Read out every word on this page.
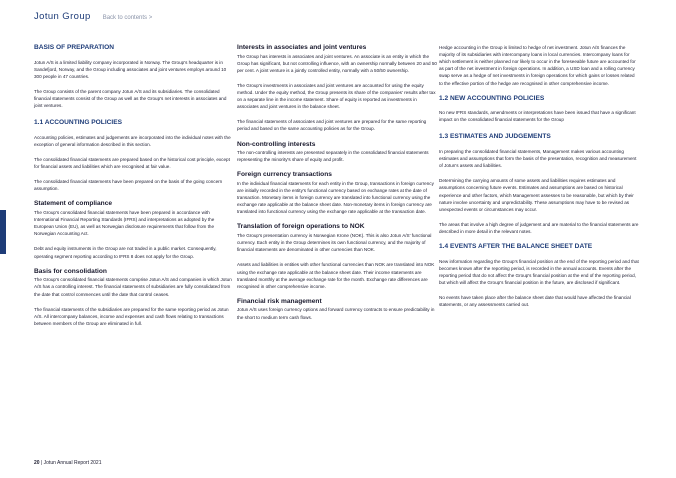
Jotun Group Back to contents >
BASIS OF PREPARATION

Jotun A/S is a limited liability company incorporated in Norway. The Group's headquarter is in Sandefjord, Norway, and the Group including associates and joint ventures employs around 10 300 people in 47 countries.

The Group consists of the parent company Jotun A/S and its subsidiaries. The consolidated financial statements consist of the Group as well as the Group's net interests in associates and joint ventures.

1.1 ACCOUNTING POLICIES

Accounting policies, estimates and judgements are incorporated into the individual notes with the exception of general information described in this section.

The consolidated financial statements are prepared based on the historical cost principle, except for financial assets and liabilities which are recognised at fair value.

The consolidated financial statements have been prepared on the basis of the going concern assumption.

Statement of compliance

The Group's consolidated financial statements have been prepared in accordance with International Financial Reporting Standards (IFRS) and interpretations as adopted by the European Union (EU), as well as Norwegian disclosure requirements that follow from the Norwegian Accounting Act.

Debt and equity instruments in the Group are not traded in a public market. Consequently, operating segment reporting according to IFRS 8 does not apply for the Group.

Basis for consolidation

The Group's consolidated financial statements comprise Jotun A/S and companies in which Jotun A/S has a controlling interest. The financial statements of subsidiaries are fully consolidated from the date that control commences until the date that control ceases.

The financial statements of the subsidiaries are prepared for the same reporting period as Jotun A/S. All intercompany balances, income and expenses and cash flows relating to transactions between members of the Group are eliminated in full.

Interests in associates and joint ventures

The Group has interests in associates and joint ventures. An associate is an entity in which the Group has significant, but not controlling influence, with an ownership normally between 20 and 50 per cent. A joint venture is a jointly controlled entity, normally with a 50/50 ownership.

The Group's investments in associates and joint ventures are accounted for using the equity method. Under the equity method, the Group presents its share of the companies' results after tax on a separate line in the income statement. Share of equity is reported as investments in associates and joint ventures in the balance sheet.

The financial statements of associates and joint ventures are prepared for the same reporting period and based on the same accounting policies as for the Group.

Non-controlling interests

The non-controlling interests are presented separately in the consolidated financial statements representing the minority's share of equity and profit.

Foreign currency transactions

In the individual financial statements for each entity in the Group, transactions in foreign currency are initially recorded in the entity's functional currency based on exchange rates at the date of transaction. Monetary items in foreign currency are translated into functional currency using the exchange rate applicable at the balance sheet date. Non-monetary items in foreign currency are translated into functional currency using the exchange rate applicable at the transaction date.

Translation of foreign operations to NOK

The Group's presentation currency is Norwegian Krone (NOK). This is also Jotun A/S' functional currency. Each entity in the Group determines its own functional currency, and the majority of financial statements are denominated in other currencies than NOK.

Assets and liabilities in entities with other functional currencies than NOK are translated into NOK using the exchange rate applicable at the balance sheet date. Their income statements are translated monthly at the average exchange rate for the month. Exchange rate differences are recognised in other comprehensive income.

Financial risk management

Jotun A/S uses foreign currency options and forward currency contracts to ensure predictability in the short to medium term cash flows.

Hedge accounting in the Group is limited to hedge of net investment. Jotun A/S finances the majority of its subsidiaries with intercompany loans in local currencies. Intercompany loans for which settlement is neither planned nor likely to occur in the foreseeable future are accounted for as part of the net investment in foreign operations. In addition, a USD loan and a rolling currency swap serve as a hedge of net investments in foreign operations for which gains or losses related to the effective portion of the hedge are recognised in other comprehensive income.

1.2 NEW ACCOUNTING POLICIES

No new IFRS standards, amendments or interpretations have been issued that have a significant impact on the consolidated financial statements for the Group

1.3 ESTIMATES AND JUDGEMENTS

In preparing the consolidated financial statements, Management makes various accounting estimates and assumptions that form the basis of the presentation, recognition and measurement of Jotun's assets and liabilities.

Determining the carrying amounts of some assets and liabilities requires estimates and assumptions concerning future events. Estimates and assumptions are based on historical experience and other factors, which Management assesses to be reasonable, but which by their nature involve uncertainty and unpredictability. These assumptions may have to be revised as unexpected events or circumstances may occur.

The areas that involve a high degree of judgement and are material to the financial statements are described in more detail in the relevant notes.

1.4 EVENTS AFTER THE BALANCE SHEET DATE

New information regarding the Group's financial position at the end of the reporting period and that becomes known after the reporting period, is recorded in the annual accounts. Events after the reporting period that do not affect the Group's financial position at the end of the reporting period, but which will affect the Group's financial position in the future, are disclosed if significant.

No events have taken place after the balance sheet date that would have affected the financial statements, or any assessments carried out.

20 | Jotun Annual Report 2021
